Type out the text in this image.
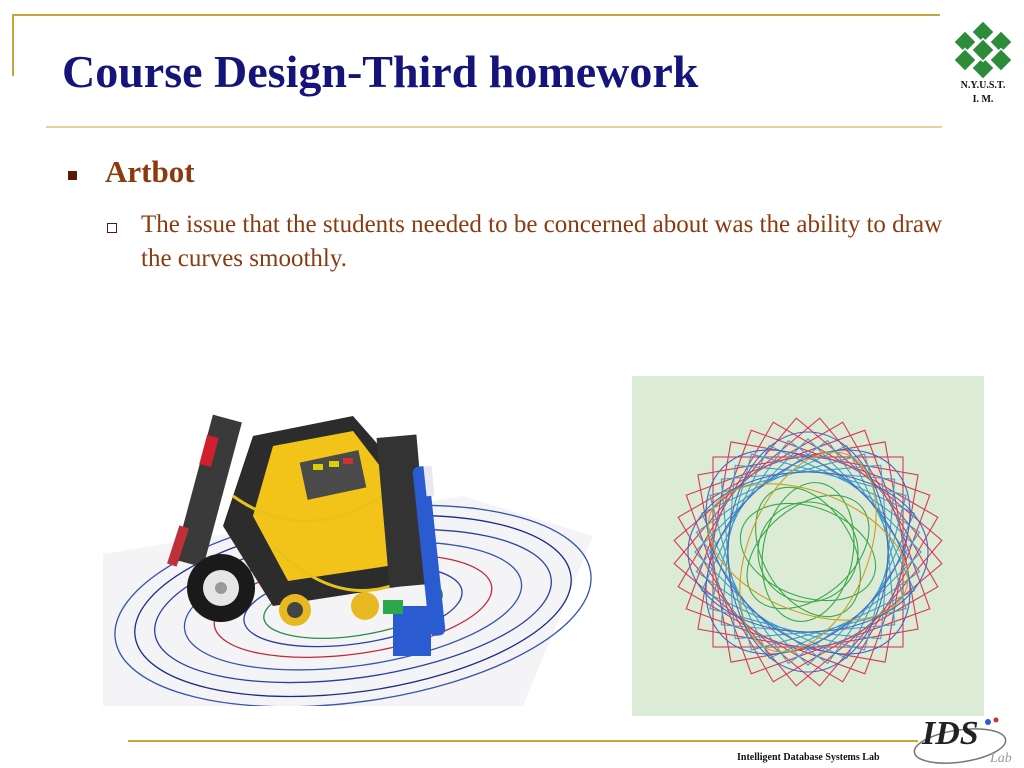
Course Design-Third homework	N.Y.U.S.T.
I. M.
Artbot

The issue that the students needed to be concerned about was the ability to draw the curves smoothly.

Intelligent Database Systems Lab
IDS
Lab
